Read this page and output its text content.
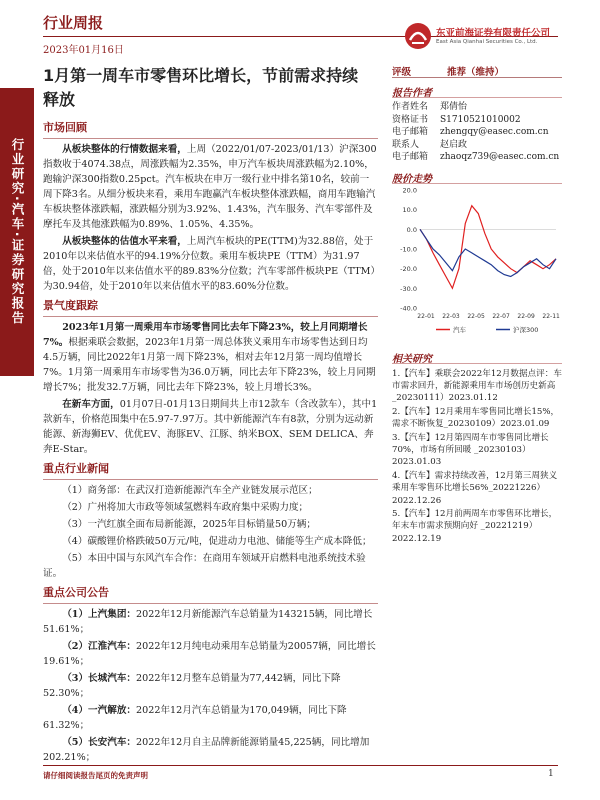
行业周报
2023年01月16日
东亚前海证券有限责任公司
East Asia Qianhai Securities Co., Ltd.
行业研究·汽车·证券研究报告
1月第一周车市零售环比增长，节前需求持续释放
市场回顾

从板块整体的行情数据来看，上周（2022/01/07-2023/01/13）沪深300指数收于4074.38点，周涨跌幅为2.35%，申万汽车板块周涨跌幅为2.10%，跑输沪深300指数0.25pct。汽车板块在申万一级行业中排名第10名，较前一周下降3名。从细分板块来看，乘用车跑赢汽车板块整体涨跌幅，商用车跑输汽车板块整体涨跌幅，涨跌幅分别为3.92%、1.43%，汽车服务、汽车零部件及摩托车及其他涨跌幅为0.89%、1.05%、4.35%。

从板块整体的估值水平来看，上周汽车板块的PE(TTM)为32.88倍，处于2010年以来估值水平的94.19%分位数。乘用车板块PE（TTM）为31.97倍，处于2010年以来估值水平的89.83%分位数；汽车零部件板块PE（TTM）为30.94倍，处于2010年以来估值水平的83.60%分位数。

景气度跟踪

2023年1月第一周乘用车市场零售同比去年下降23%，较上月同期增长7%。根据乘联会数据，2023年1月第一周总体狭义乘用车市场零售达到日均4.5万辆，同比2022年1月第一周下降23%，相对去年12月第一周均值增长7%。1月第一周乘用车市场零售为36.0万辆，同比去年下降23%，较上月同期增长7%；批发32.7万辆，同比去年下降23%，较上月增长3%。

在新车方面，01月07日-01月13日期间共上市12款车（含改款车），其中1款新车，价格范围集中在5.97-7.97万。其中新能源汽车有8款，分别为远动新能源、新海狮EV、优优EV、海豚EV、江豚、纳米BOX、SEM DELICA、奔奔E-Star。

重点行业新闻

（1）商务部：在武汉打造新能源汽车全产业链发展示范区；

（2）广州将加大市政等领域氢燃料车政府集中采购力度；

（3）一汽红旗全面布局新能源，2025年目标销量50万辆；

（4）碳酸锂价格跌破50万元/吨，促进动力电池、储能等生产成本降低；

（5）本田中国与东风汽车合作：在商用车领域开启燃料电池系统技术验证。

重点公司公告

（1）上汽集团：2022年12月新能源汽车总销量为143215辆，同比增长51.61%；

（2）江淮汽车：2022年12月纯电动乘用车总销量为20057辆，同比增长19.61%；

（3）长城汽车：2022年12月整车总销量为77,442辆，同比下降52.30%；

（4）一汽解放：2022年12月汽车总销量为170,049辆，同比下降61.32%；

（5）长安汽车：2022年12月自主品牌新能源销量45,225辆，同比增加202.21%；

评级	推荐（维持）
报告作者
作者姓名	郑倩怡
资格证书	S1710521010002
电子邮箱	zhengqy@easec.com.cn
联系人	赵启政
电子邮箱	zhaoqz739@easec.com.cn
股价走势
20.0
10.0
0.0
-10.0
-20.0
-30.0
-40.0
22-01 22-03 22-05 22-07 22-09 22-11
汽车	沪深300
相关研究
1.【汽车】乘联会2022年12月数据点评：车市需求回升，新能源乘用车市场创历史新高_20230111）2023.01.12
2.【汽车】12月乘用车零售同比增长15%，需求不断恢复_20230109）2023.01.09
3.【汽车】12月第四周车市零售同比增长70%，市场有所回暖 _20230103）2023.01.03
4.【汽车】需求持续改善，12月第三周狭义乘用车零售环比增长56%_20221226）2022.12.26
5.【汽车】12月前两周车市零售环比增长，年末车市需求预期向好 _20221219）2022.12.19
请仔细阅读报告尾页的免责声明	1
